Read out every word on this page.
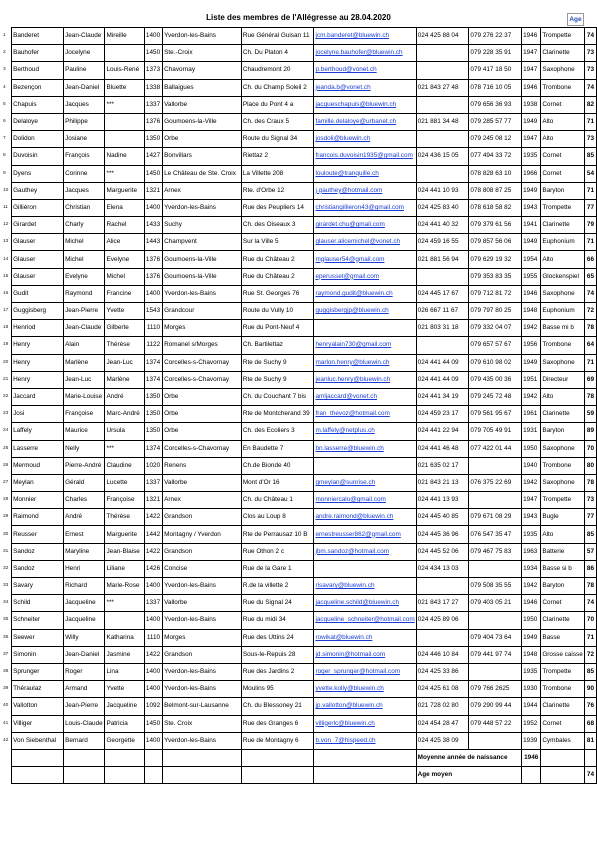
Liste des membres de l'Allégresse au 28.04.2020	Age
1	Banderet	Jean-Claude	Mireille	1400	Yverdon-les-Bains	Rue Général Guisan 11	jcm.banderet@bluewin.ch	024 425 88 04	079 276 22 37	1946	Trompette	74
2	Bauhofer	Jocelyne		1450	Ste.-Croix	Ch. Du Platon 4	jocelyne.bauhofer@bluewin.ch		079 228 35 91	1947	Clarinette	73
3	Berthoud	Pauline	Louis-René	1373	Chavornay	Chaudremont 20	p.berthoud@vonet.ch		079 417 18 50	1947	Saxophone	73
4	Bezençon	Jean-Daniel	Bluette	1338	Ballaigues	Ch. du Champ Soleil 2	jeanda.b@vonet.ch	021 843 27 48	078 716 10 05	1946	Trombone	74
5	Chapuis	Jacques	***	1337	Vallorbe	Place du Pont 4 a	jacqueschapuis@bluewin.ch		079 656 36 93	1938	Cornet	82
6	Delaloye	Philippe		1376	Goumoens-la-Ville	Ch. des Craux 5	famille.delaloye@urbanet.ch	021 881 34 48	079 285 57 77	1949	Alto	71
7	Dolidon	Josiane		1350	Orbe	Route du Signal 34	josdoli@bluewin.ch		079 245 08 12	1947	Alto	73
8	Duvoisin	François	Nadine	1427	Bonvillars	Riettaz 2	francois.duvoisin1935@gmail.com	024 436 15 05	077 494 33 72	1935	Cornet	85
9	Dyens	Corinne	***	1450	Le Château de Ste. Croix	La Villette 208	louloute@tranquille.ch		078 828 63 10	1966	Cornet	54
10	Gauthey	Jacques	Marguerite	1321	Arnex	Rte. d'Orbe 12	j.gauthey@hotmail.com	024 441 10 93	078 808 87 25	1949	Baryton	71
11	Gilliéron	Christian	Elena	1400	Yverdon-les-Bains	Rue des Peupliers 14	christiangillieron43@gmail.com	024 425 83 40	078 618 58 82	1943	Trompette	77
12	Girardet	Charly	Rachel	1433	Suchy	Ch. des Oiseaux 3	girardet.chu@gmail.com	024 441 40 32	079 379 61 56	1941	Clarinette	79
13	Glauser	Michel	Alice	1443	Champvent	Sur la Ville 5	glauser.alicemichel@vonet.ch	024 459 16 55	079 857 56 06	1949	Euphonium	71
14	Glauser	Michel	Evelyne	1376	Goumoens-la-Ville	Rue du Château 2	mglauser54@gmail.com	021 881 56 94	079 629 19 32	1954	Alto	66
15	Glauser	Evelyne	Michel	1376	Goumoens-la-Ville	Rue du Château 2	eperusset@gmail.com		079 353 83 35	1955	Glockenspiel	65
16	Gudit	Raymond	Francine	1400	Yverdon-les-Bains	Rue St. Georges 76	raymond.gudit@bluewin.ch	024 445 17 67	079 712 81 72	1946	Saxophone	74
17	Guggisberg	Jean-Pierre	Yvette	1543	Grandcour	Route du Vully 10	guggisbergjp@bluewin.ch	026 667 11 67	079 797 80 25	1948	Euphonium	72
18	Henriod	Jean-Claude	Gilberte	1110	Morges	Rue du Pont-Neuf 4		021 803 31 18	079 332 04 07	1942	Basse mi b	78
19	Henry	Alain	Thérèse	1122	Romanel s/Morges	Ch. Bartilettaz	henryalain730@gmail.com		079 657 57 67	1956	Trombone	64
20	Henry	Marlène	Jean-Luc	1374	Corcelles-s-Chavornay	Rte de Suchy 9	marlon.henry@bluewin.ch	024 441 44 09	079 610 98 02	1949	Saxophone	71
21	Henry	Jean-Luc	Marlène	1374	Corcelles-s-Chavornay	Rte de Suchy 9	jeanluc.henry@bluewin.ch	024 441 44 09	079 435 00 36	1951	Directeur	69
22	Jaccard	Marie-Louise	André	1350	Orbe	Ch. du Couchant 7 bis	amljaccard@vonet.ch	024 441 34 19	079 245 72 48	1942	Alto	78
23	Josi	Françoise	Marc-André	1350	Orbe	Rte de Montcherand 39	fran_thevoz@hotmail.com	024 459 23 17	079 561 95 67	1961	Clarinette	59
24	Laffely	Maurice	Ursula	1350	Orbe	Ch. des Ecoliers 3	m.laffely@netplus.ch	024 441 22 94	079 705 49 91	1931	Baryton	89
25	Lasserre	Nelly	***	1374	Corcelles-s-Chavornay	En Baudette 7	bn.lasserre@bluewin.ch	024 441 46 48	077 422 01 44	1950	Saxophone	70
26	Mermoud	Pierre-André	Claudine	1020	Renens	Ch.de Bionde 40		021 635 02 17		1940	Trombone	80
27	Meylan	Gérald	Lucette	1337	Vallorbe	Mont d'Or 16	gmeylan@sunrise.ch	021 843 21 13	076 375 22 69	1942	Saxophone	78
28	Monnier	Charles	Françoise	1321	Arnex	Ch. du Château 1	monniercalo@gmail.com	024 441 13 93		1947	Trompette	73
29	Raimond	André	Thérèse	1422	Grandson	Clos au Loup 8	andre.raimond@bluewin.ch	024 445 40 85	079 671 08 29	1943	Bugle	77
30	Reusser	Ernest	Marguerite	1442	Montagny / Yverdon	Rte de Perrausaz 10 B	ernestreusser862@gmail.com	024 445 36 96	076 547 35 47	1935	Alto	85
31	Sandoz	Maryline	Jean-Blaise	1422	Grandson	Rue Othon 2 c	jbm.sandoz@hotmail.com	024 445 52 06	079 467 75 83	1963	Batterie	57
32	Sandoz	Henri	Liliane	1426	Concise	Rue de la Gare 1		024 434 13 03		1934	Basse si b	86
33	Savary	Richard	Marie-Rose	1400	Yverdon-les-Bains	R.de la villette 2	risavary@bluewin.ch		079 508 35 55	1942	Baryton	78
34	Schild	Jacqueline	***	1337	Vallorbe	Rue du Signal 24	jacqueline.schild@bluewin.ch	021 843 17 27	079 403 05 21	1946	Cornet	74
35	Schneiter	Jacqueline		1400	Yverdon-les-Bains	Rue du midi 34	jacqueline_schneiter@hotmail.com	024 425 89 06		1950	Clarinette	70
36	Seewer	Willy	Katharina	1110	Morges	Rue des Uttins 24	rowikat@bluewin.ch		079 404 73 64	1949	Basse	71
37	Simonin	Jean-Daniel	Jasmine	1422	Grandson	Sous-le-Repuis 28	jd.simonin@hotmail.com	024 446 10 84	079 441 97 74	1948	Grosse caisse	72
38	Sprunger	Roger	Lina	1400	Yverdon-les-Bains	Rue des Jardins 2	roger_sprunger@hotmail.com	024 425 33 86		1935	Trompette	85
39	Théraulaz	Armand	Yvette	1400	Yverdon-les-Bains	Moulins 95	yvette.kolly@bluewin.ch	024 425 61 08	079 766 2625	1930	Trombone	90
40	Vallotton	Jean-Pierre	Jacqueline	1092	Belmont-sur-Lausanne	Ch. du Blessoney 21	jp.vallotton@bluewin.ch	021 728 02 80	079 290 99 44	1944	Clarinette	76
41	Villiger	Louis-Claude	Patricia	1450	Ste. Croix	Rue des Granges 6	villigerlc@bluewin.ch	024 454 28 47	079 448 57 22	1952	Cornet	68
42	Von Siebenthal	Bernard	Georgette	1400	Yverdon-les-Bains	Rue de Montagny 6	b.von_7@hispeed.ch	024 425 38 09		1939	Cymbales	81
								Moyenne année de naissance		1946		
								Age moyen				74
